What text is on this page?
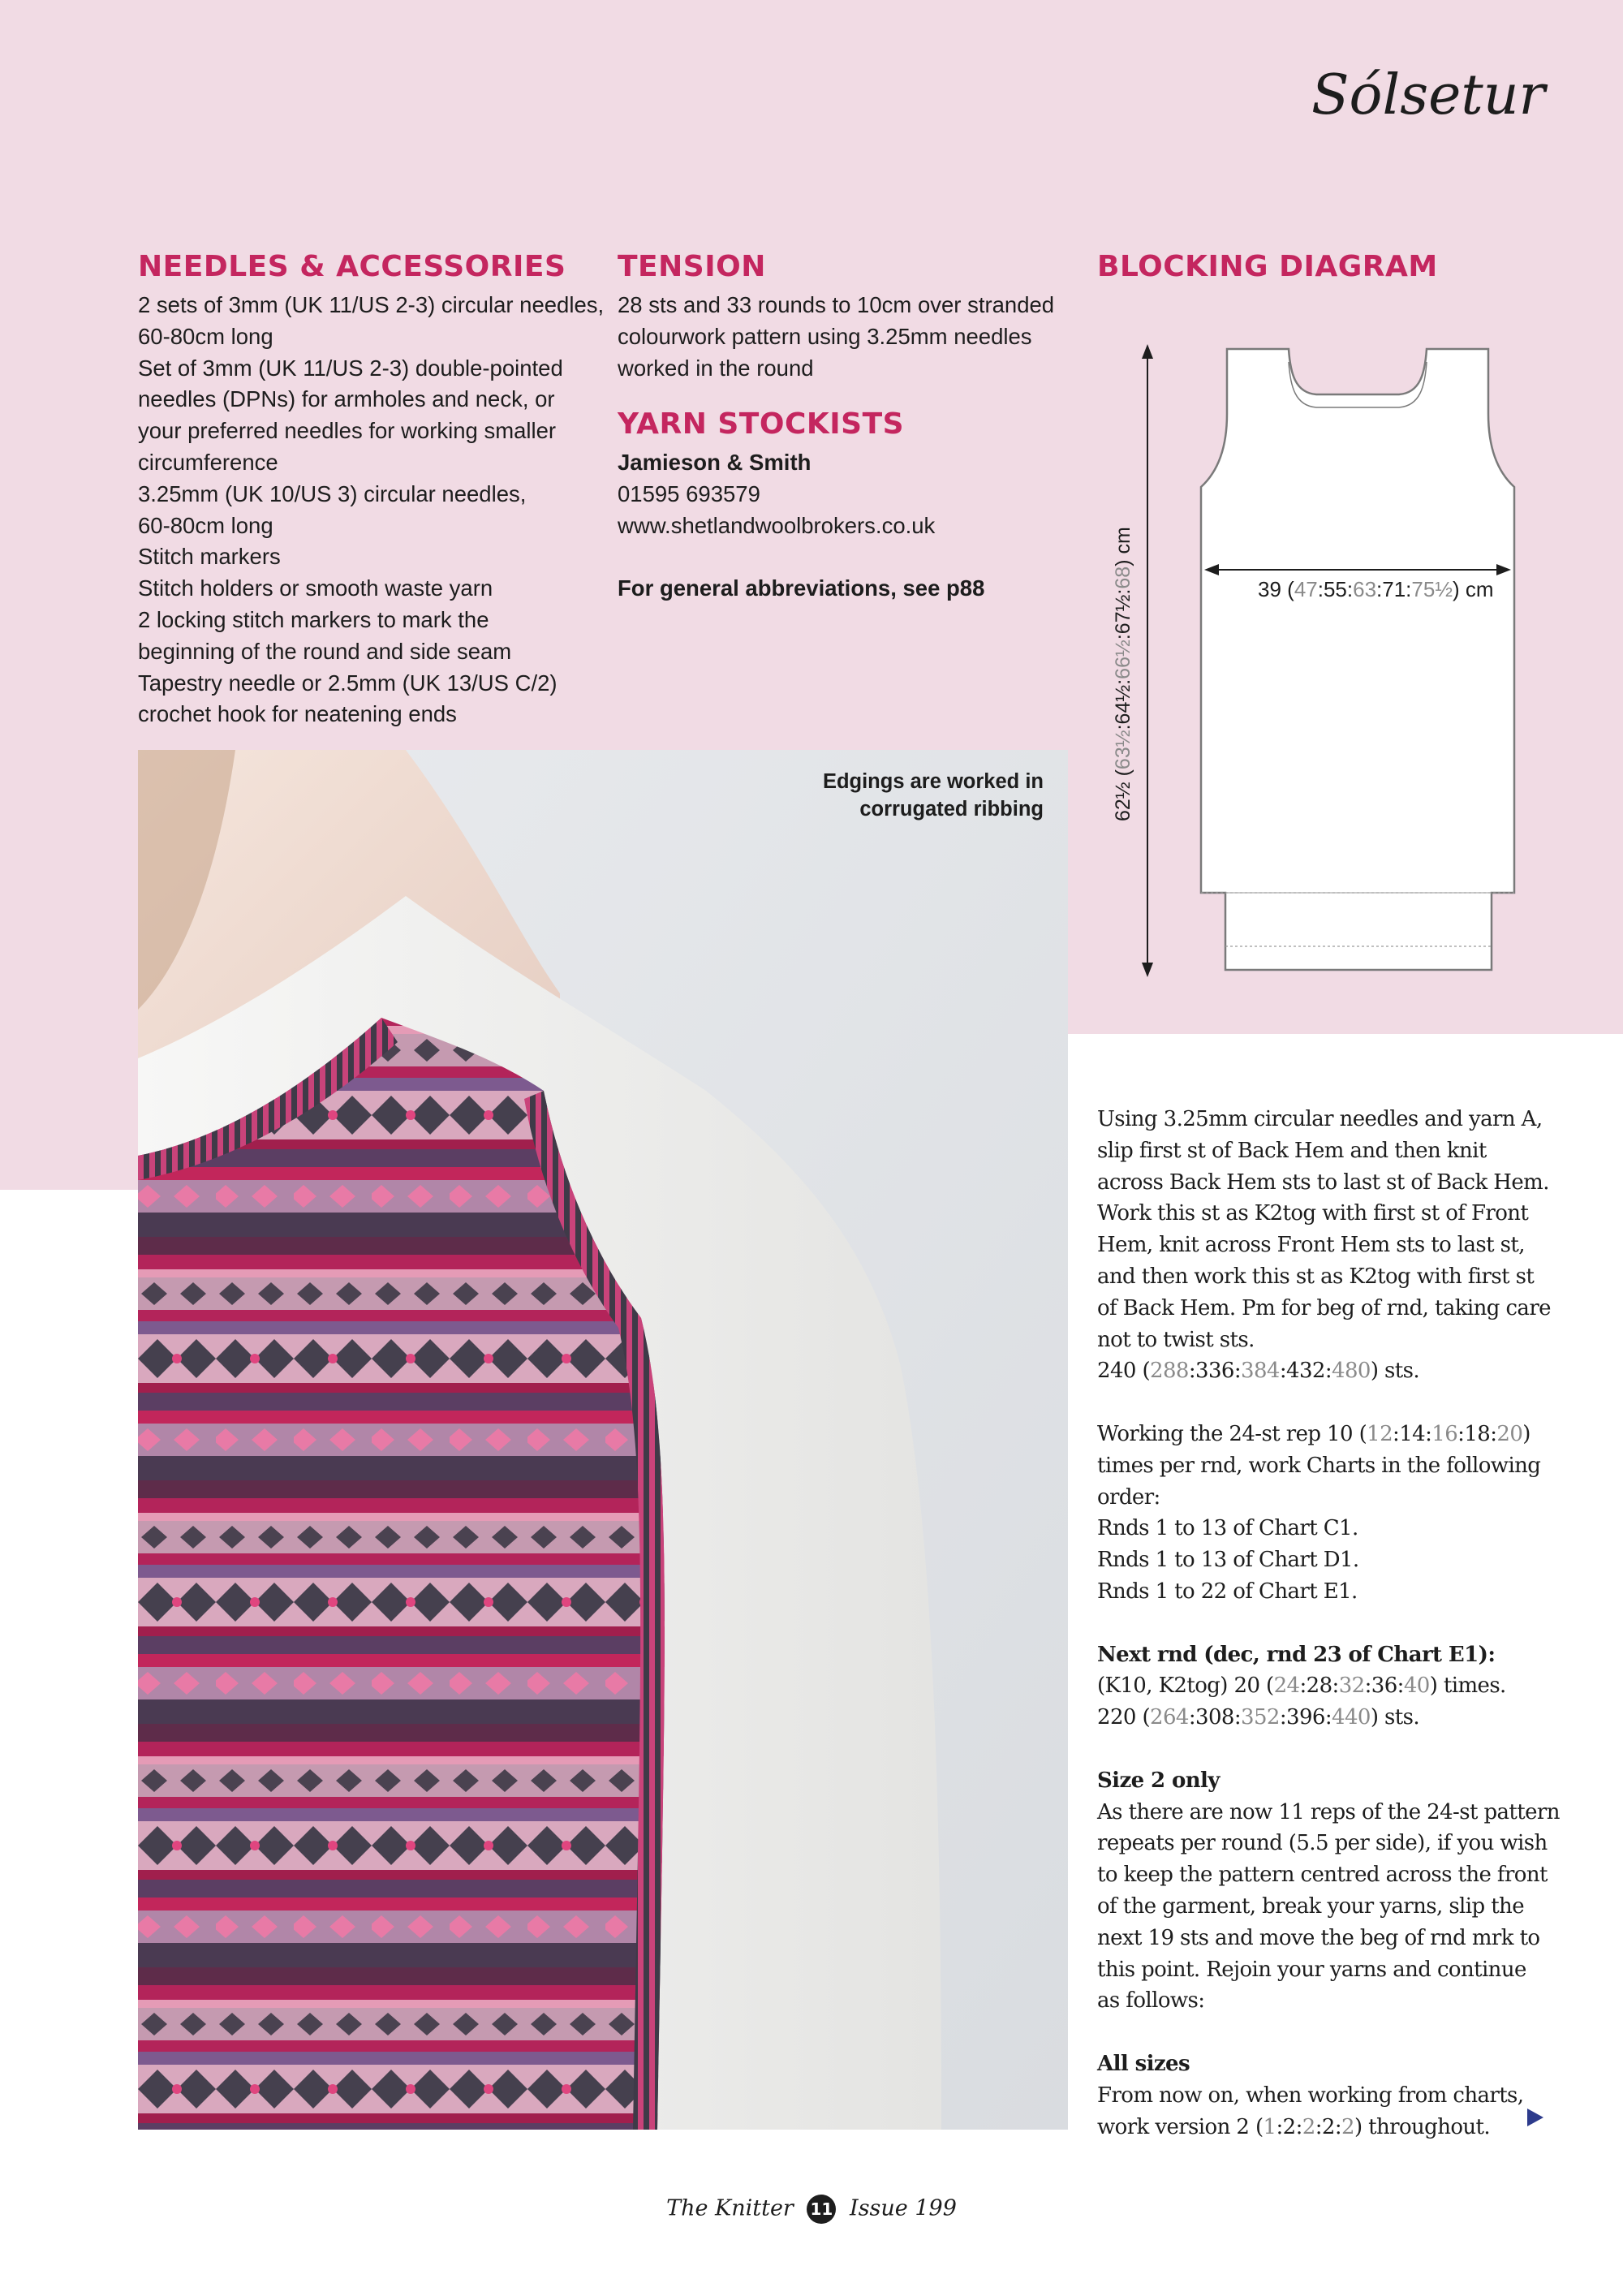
Sólsetur
NEEDLES & ACCESSORIES
2 sets of 3mm (UK 11/US 2-3) circular needles,
60-80cm long
Set of 3mm (UK 11/US 2-3) double-pointed
needles (DPNs) for armholes and neck, or
your preferred needles for working smaller
circumference
3.25mm (UK 10/US 3) circular needles,
60-80cm long
Stitch markers
Stitch holders or smooth waste yarn
2 locking stitch markers to mark the
beginning of the round and side seam
Tapestry needle or 2.5mm (UK 13/US C/2)
crochet hook for neatening ends
TENSION
28 sts and 33 rounds to 10cm over stranded
colourwork pattern using 3.25mm needles
worked in the round
YARN STOCKISTS
Jamieson & Smith
01595 693579
www.shetlandwoolbrokers.co.uk
For general abbreviations, see p88
BLOCKING DIAGRAM
39 (47:55:63:71:75½) cm
62½ (63½:64½:66½:67½:68) cm
Edgings are worked in
corrugated ribbing
Using 3.25mm circular needles and yarn A,
slip first st of Back Hem and then knit
across Back Hem sts to last st of Back Hem.
Work this st as K2tog with first st of Front
Hem, knit across Front Hem sts to last st,
and then work this st as K2tog with first st
of Back Hem. Pm for beg of rnd, taking care
not to twist sts.
240 (288:336:384:432:480) sts.
Working the 24-st rep 10 (12:14:16:18:20)
times per rnd, work Charts in the following
order:
Rnds 1 to 13 of Chart C1.
Rnds 1 to 13 of Chart D1.
Rnds 1 to 22 of Chart E1.
Next rnd (dec, rnd 23 of Chart E1):
(K10, K2tog) 20 (24:28:32:36:40) times.
220 (264:308:352:396:440) sts.
Size 2 only
As there are now 11 reps of the 24-st pattern
repeats per round (5.5 per side), if you wish
to keep the pattern centred across the front
of the garment, break your yarns, slip the
next 19 sts and move the beg of rnd mrk to
this point. Rejoin your yarns and continue
as follows:
All sizes
From now on, when working from charts,
work version 2 (1:2:2:2:2) throughout.
The Knitter 11 Issue 199
